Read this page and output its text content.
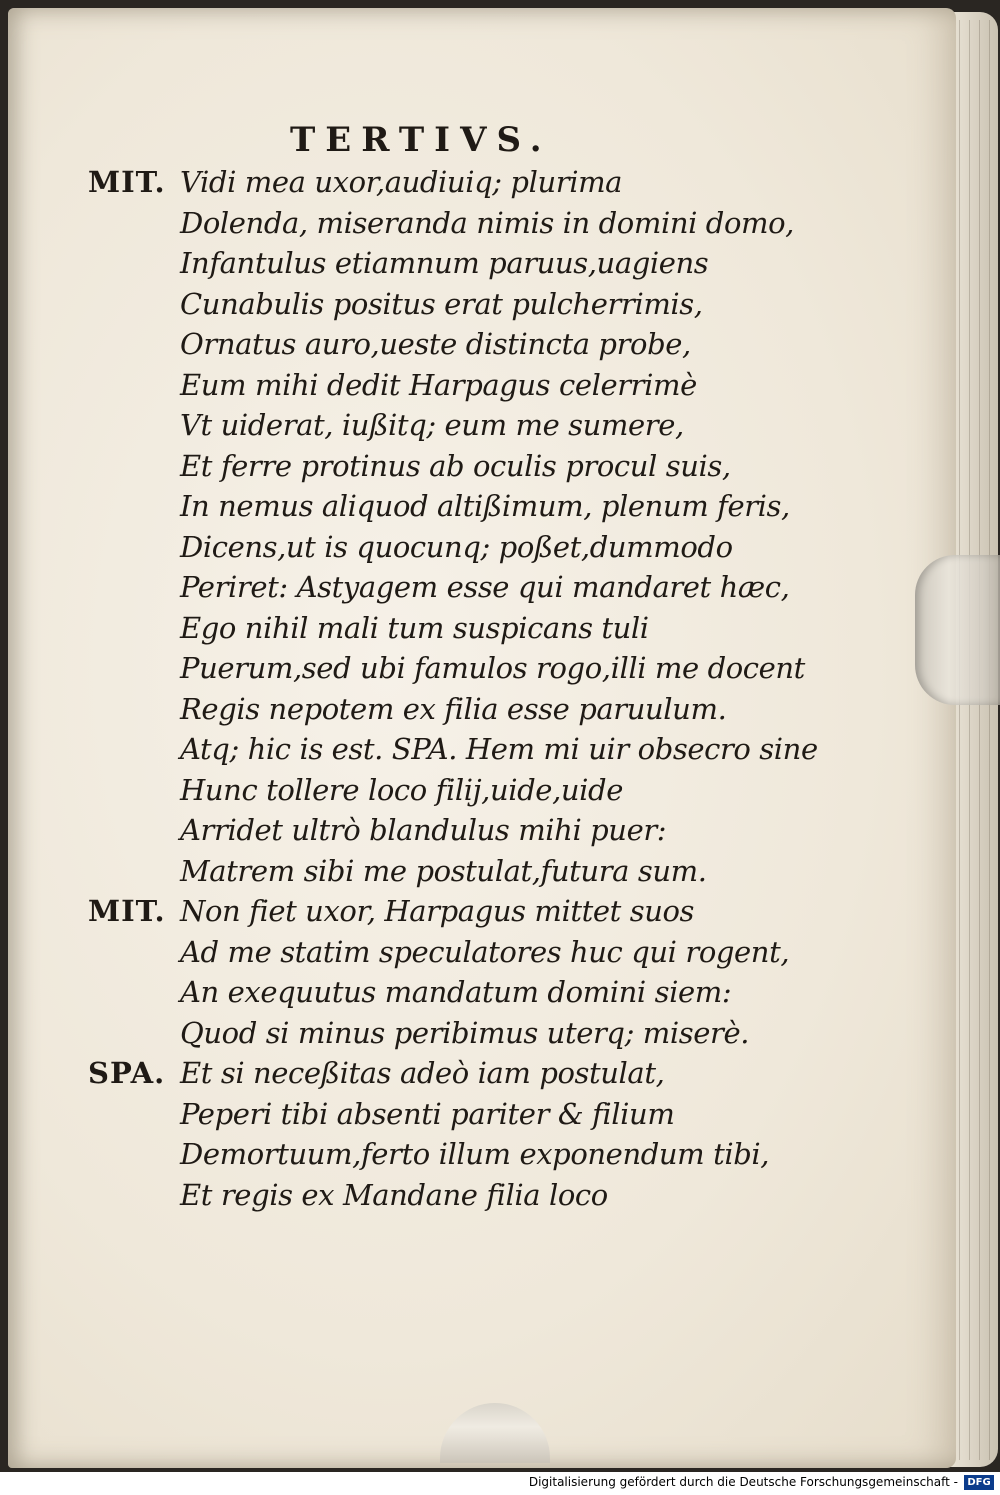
TERTIVS.
MIT. Vidi mea uxor,audiuiq; plurima
Dolenda, miseranda nimis in domini domo,
Infantulus etiamnum paruus,uagiens
Cunabulis positus erat pulcherrimis,
Ornatus auro,ueste distincta probe,
Eum mihi dedit Harpagus celerrimè
Vt uiderat, iußitq; eum me sumere,
Et ferre protinus ab oculis procul suis,
In nemus aliquod altißimum, plenum feris,
Dicens,ut is quocunq; poßet,dummodo
Periret: Astyagem esse qui mandaret hæc,
Ego nihil mali tum suspicans tuli
Puerum,sed ubi famulos rogo,illi me docent
Regis nepotem ex filia esse paruulum.
Atq; hic is est. SPA. Hem mi uir obsecro sine
Hunc tollere loco filij,uide,uide
Arridet ultrò blandulus mihi puer:
Matrem sibi me postulat,futura sum.
MIT. Non fiet uxor, Harpagus mittet suos
Ad me statim speculatores huc qui rogent,
An exequutus mandatum domini siem:
Quod si minus peribimus uterq; miserè.
SPA. Et si neceßitas adeò iam postulat,
Peperi tibi absenti pariter & filium
Demortuum,ferto illum exponendum tibi,
Et regis ex Mandane filia loco
Digitalisierung gefördert durch die Deutsche Forschungsgemeinschaft - DFG
